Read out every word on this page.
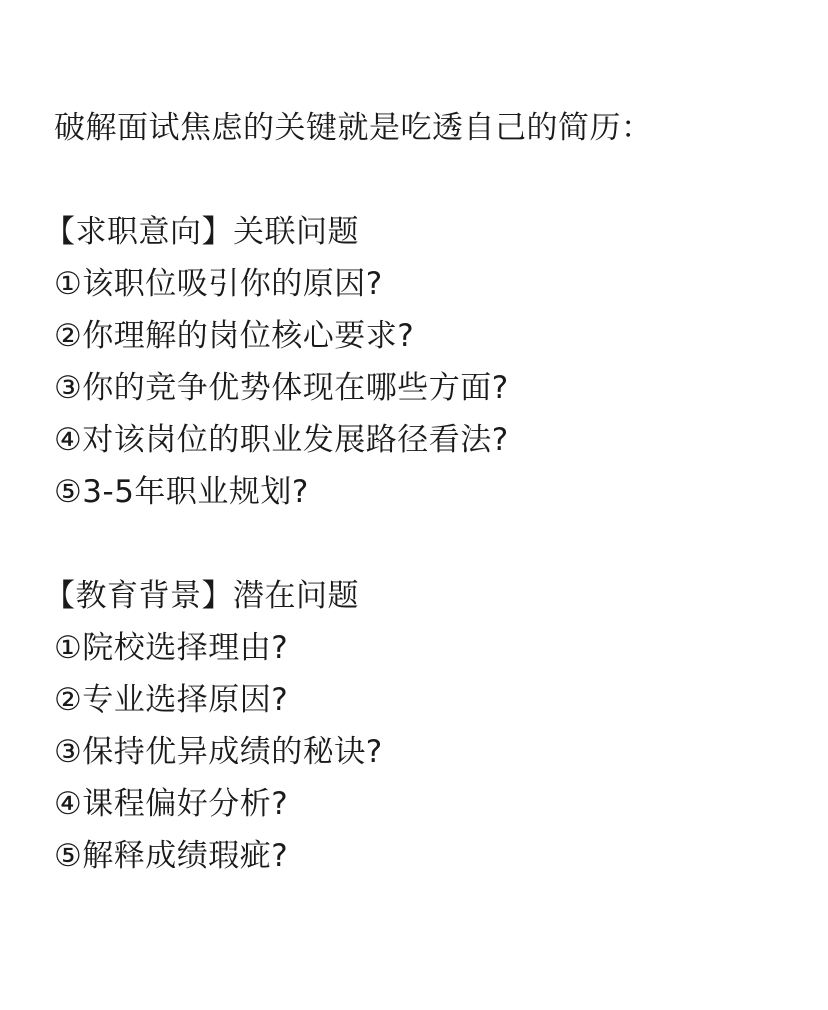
破解面试焦虑的关键就是吃透自己的简历：
【求职意向】关联问题
①该职位吸引你的原因?
②你理解的岗位核心要求?
③你的竞争优势体现在哪些方面?
④对该岗位的职业发展路径看法?
⑤3-5年职业规划?
【教育背景】潜在问题
①院校选择理由?
②专业选择原因?
③保持优异成绩的秘诀?
④课程偏好分析?
⑤解释成绩瑕疵?
